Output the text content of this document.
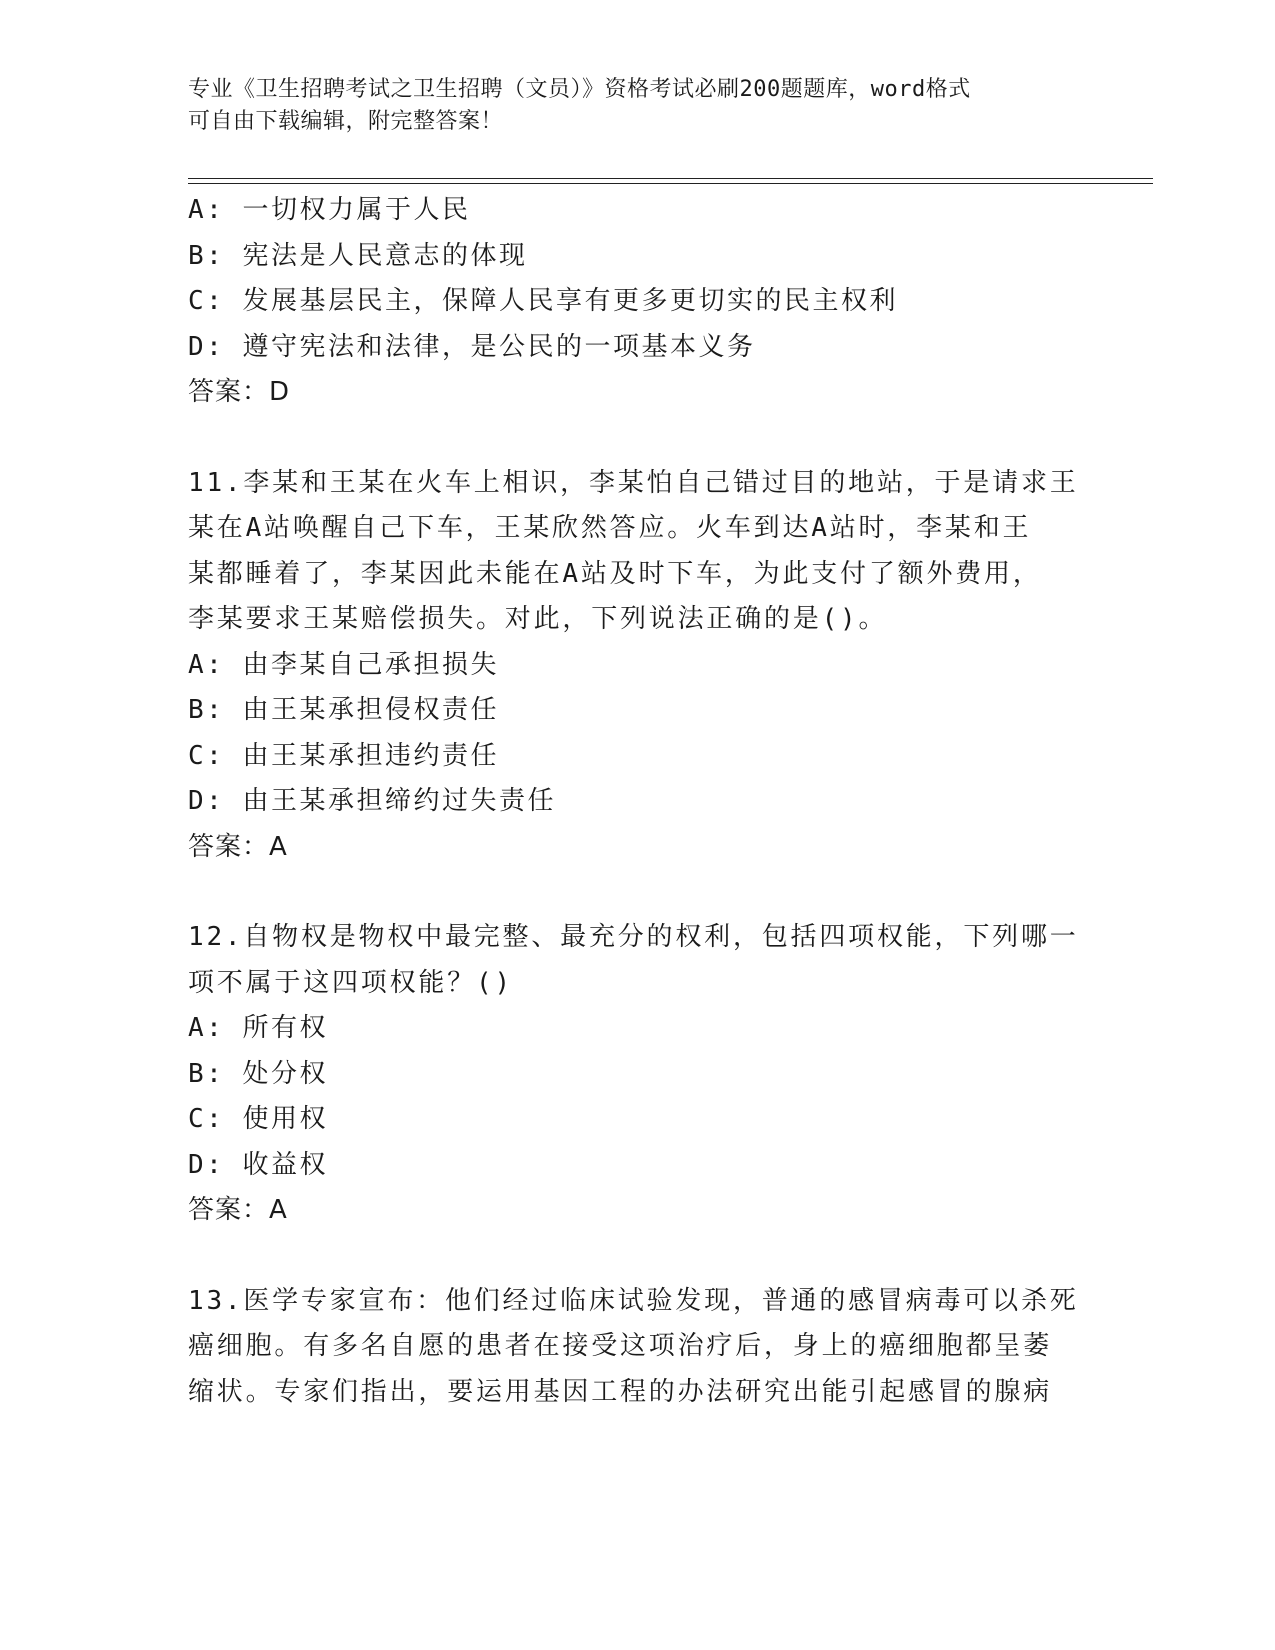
专业《卫生招聘考试之卫生招聘（文员）》资格考试必刷200题题库，word格式
可自由下载编辑，附完整答案！
A: 一切权力属于人民
B: 宪法是人民意志的体现
C: 发展基层民主，保障人民享有更多更切实的民主权利
D: 遵守宪法和法律，是公民的一项基本义务
答案：D
11.李某和王某在火车上相识，李某怕自己错过目的地站，于是请求王
某在A站唤醒自己下车，王某欣然答应。火车到达A站时，李某和王
某都睡着了，李某因此未能在A站及时下车，为此支付了额外费用，
李某要求王某赔偿损失。对此，下列说法正确的是()。
A: 由李某自己承担损失
B: 由王某承担侵权责任
C: 由王某承担违约责任
D: 由王某承担缔约过失责任
答案：A
12.自物权是物权中最完整、最充分的权利，包括四项权能，下列哪一
项不属于这四项权能？()
A: 所有权
B: 处分权
C: 使用权
D: 收益权
答案：A
13.医学专家宣布：他们经过临床试验发现，普通的感冒病毒可以杀死
癌细胞。有多名自愿的患者在接受这项治疗后，身上的癌细胞都呈萎
缩状。专家们指出，要运用基因工程的办法研究出能引起感冒的腺病
